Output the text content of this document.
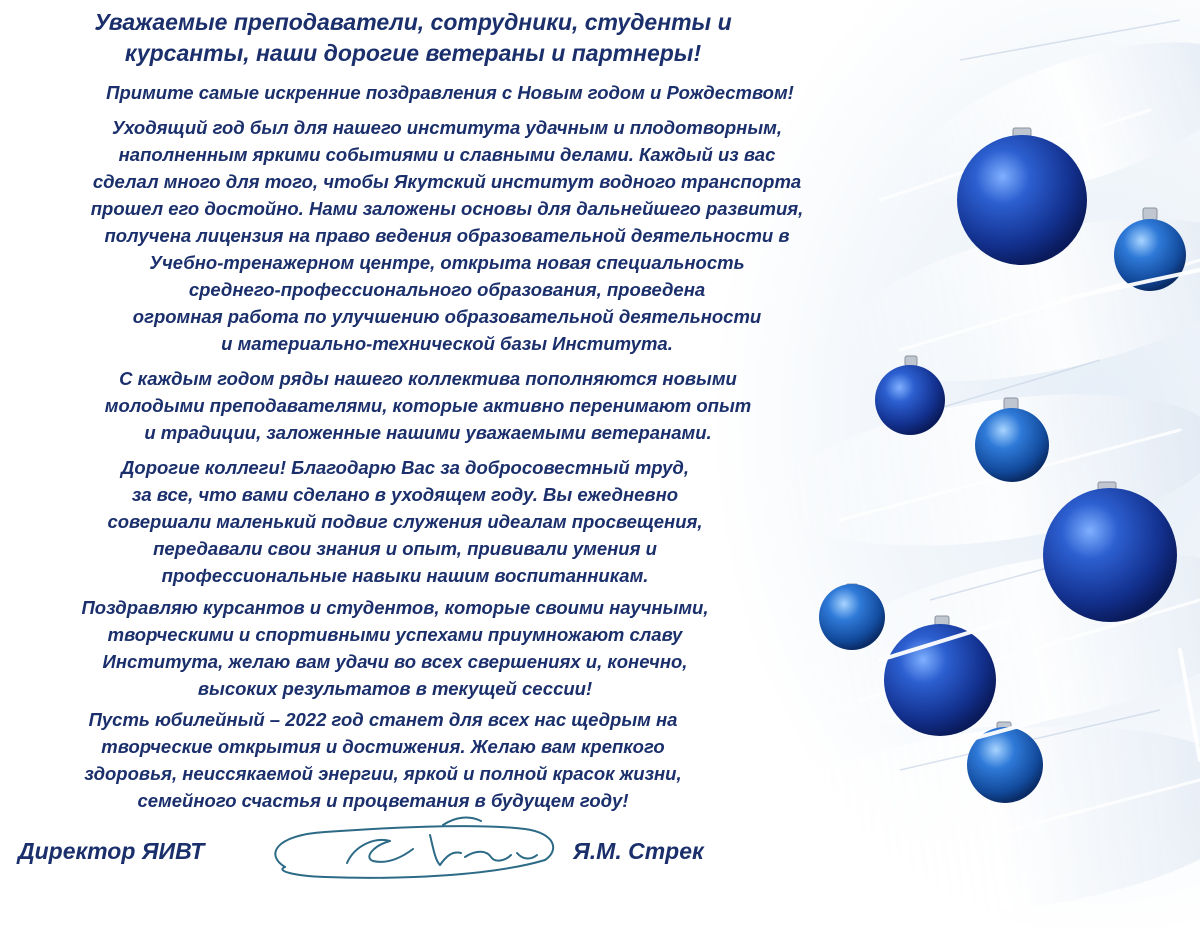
Уважаемые преподаватели, сотрудники, студенты и

курсанты, наши дорогие ветераны и партнеры!

Примите самые искренние поздравления с Новым годом и Рождеством!

Уходящий год был для нашего института удачным и плодотворным,

наполненным яркими событиями и славными делами. Каждый из вас

сделал много для того, чтобы Якутский институт водного транспорта

прошел его достойно. Нами заложены основы для дальнейшего развития,

получена лицензия на право ведения образовательной деятельности в

Учебно-тренажерном центре, открыта новая специальность

среднего-профессионального образования, проведена

огромная работа по улучшению образовательной деятельности

и материально-технической базы Института.

С каждым годом ряды нашего коллектива пополняются новыми

молодыми преподавателями, которые активно перенимают опыт

и традиции, заложенные нашими уважаемыми ветеранами.

Дорогие коллеги! Благодарю Вас за добросовестный труд,

за все, что вами сделано в уходящем году. Вы ежедневно

совершали маленький подвиг служения идеалам просвещения,

передавали свои знания и опыт, прививали умения и

профессиональные навыки нашим воспитанникам.

Поздравляю курсантов и студентов, которые своими научными,

творческими и спортивными успехами приумножают славу

Института, желаю вам удачи во всех свершениях и, конечно,

высоких результатов в текущей сессии!

Пусть юбилейный – 2022 год станет для всех нас щедрым на

творческие открытия и достижения. Желаю вам крепкого

здоровья, неиссякаемой энергии, яркой и полной красок жизни,

семейного счастья и процветания в будущем году!

Директор ЯИВТ	Я.М. Стрек
